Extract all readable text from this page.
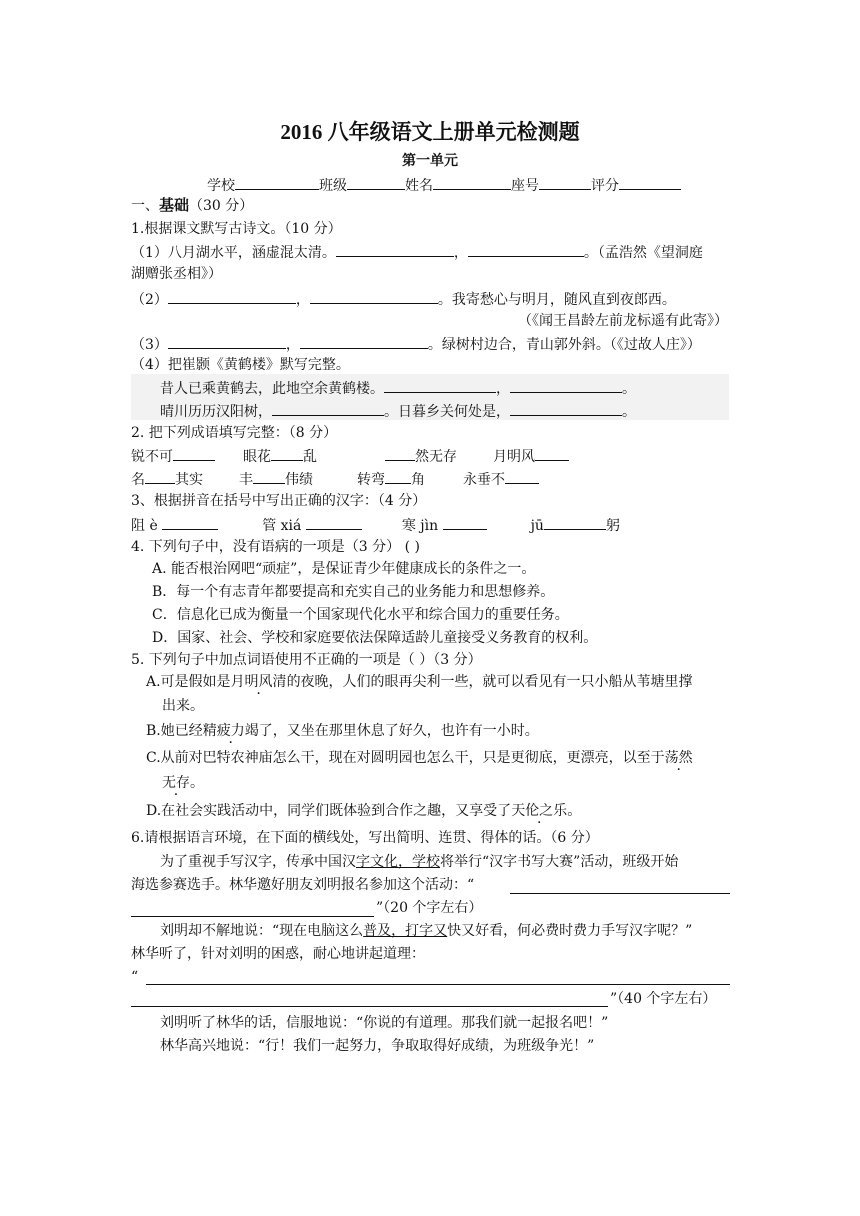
2016 八年级语文上册单元检测题
第一单元
学校	班级	姓名	座号	评分
一、基础（30 分）
1.根据课文默写古诗文。（10 分）
（1）八月湖水平，涵虚混太清。	，	。（孟浩然《望洞庭
湖赠张丞相》）
（2）	，	。我寄愁心与明月，随风直到夜郎西。
（《闻王昌龄左前龙标遥有此寄》）
（3）	，	。绿树村边合，青山郭外斜。（《过故人庄》）
（4）把崔颢《黄鹤楼》默写完整。
昔人已乘黄鹤去，此地空余黄鹤楼。	，	。
晴川历历汉阳树，	。日暮乡关何处是，	。
2. 把下列成语填写完整：（8 分）
锐不可	眼花 乱	然无存	月明风
名 其实	丰 伟绩	转弯 角	永垂不
3、根据拼音在括号中写出正确的汉字：（4 分）
阻 è	管 xiá	寒 jìn	jū	躬
4. 下列句子中，没有语病的一项是（3 分） ( )
A. 能否根治网吧“顽症”，是保证青少年健康成长的条件之一。
B．每一个有志青年都要提高和充实自己的业务能力和思想修养。
C．信息化已成为衡量一个国家现代化水平和综合国力的重要任务。
D．国家、社会、学校和家庭要依法保障适龄儿童接受义务教育的权利。
5. 下列句子中加点词语使用不正确的一项是（ ）（3 分）
A.可是假如是月明风清的夜晚，人们的眼再尖利一些，就可以看见有一只小船从苇塘里撑
出来。
B.她已经精疲力竭了，又坐在那里休息了好久，也许有一小时。
C.从前对巴特农神庙怎么干，现在对圆明园也怎么干，只是更彻底，更漂亮，以至于荡然
无存。
D.在社会实践活动中，同学们既体验到合作之趣，又享受了天伦之乐。
6.请根据语言环境，在下面的横线处，写出简明、连贯、得体的话。（6 分）
为了重视手写汉字，传承中国汉字文化，学校将举行“汉字书写大赛”活动，班级开始
海选参赛选手。林华邀好朋友刘明报名参加这个活动：“
”（20 个字左右）
刘明却不解地说：“现在电脑这么普及，打字又快又好看，何必费时费力手写汉字呢？”
林华听了，针对刘明的困惑，耐心地讲起道理：
“
”（40 个字左右）
刘明听了林华的话，信服地说：“你说的有道理。那我们就一起报名吧！”
林华高兴地说：“行！我们一起努力，争取取得好成绩，为班级争光！”
